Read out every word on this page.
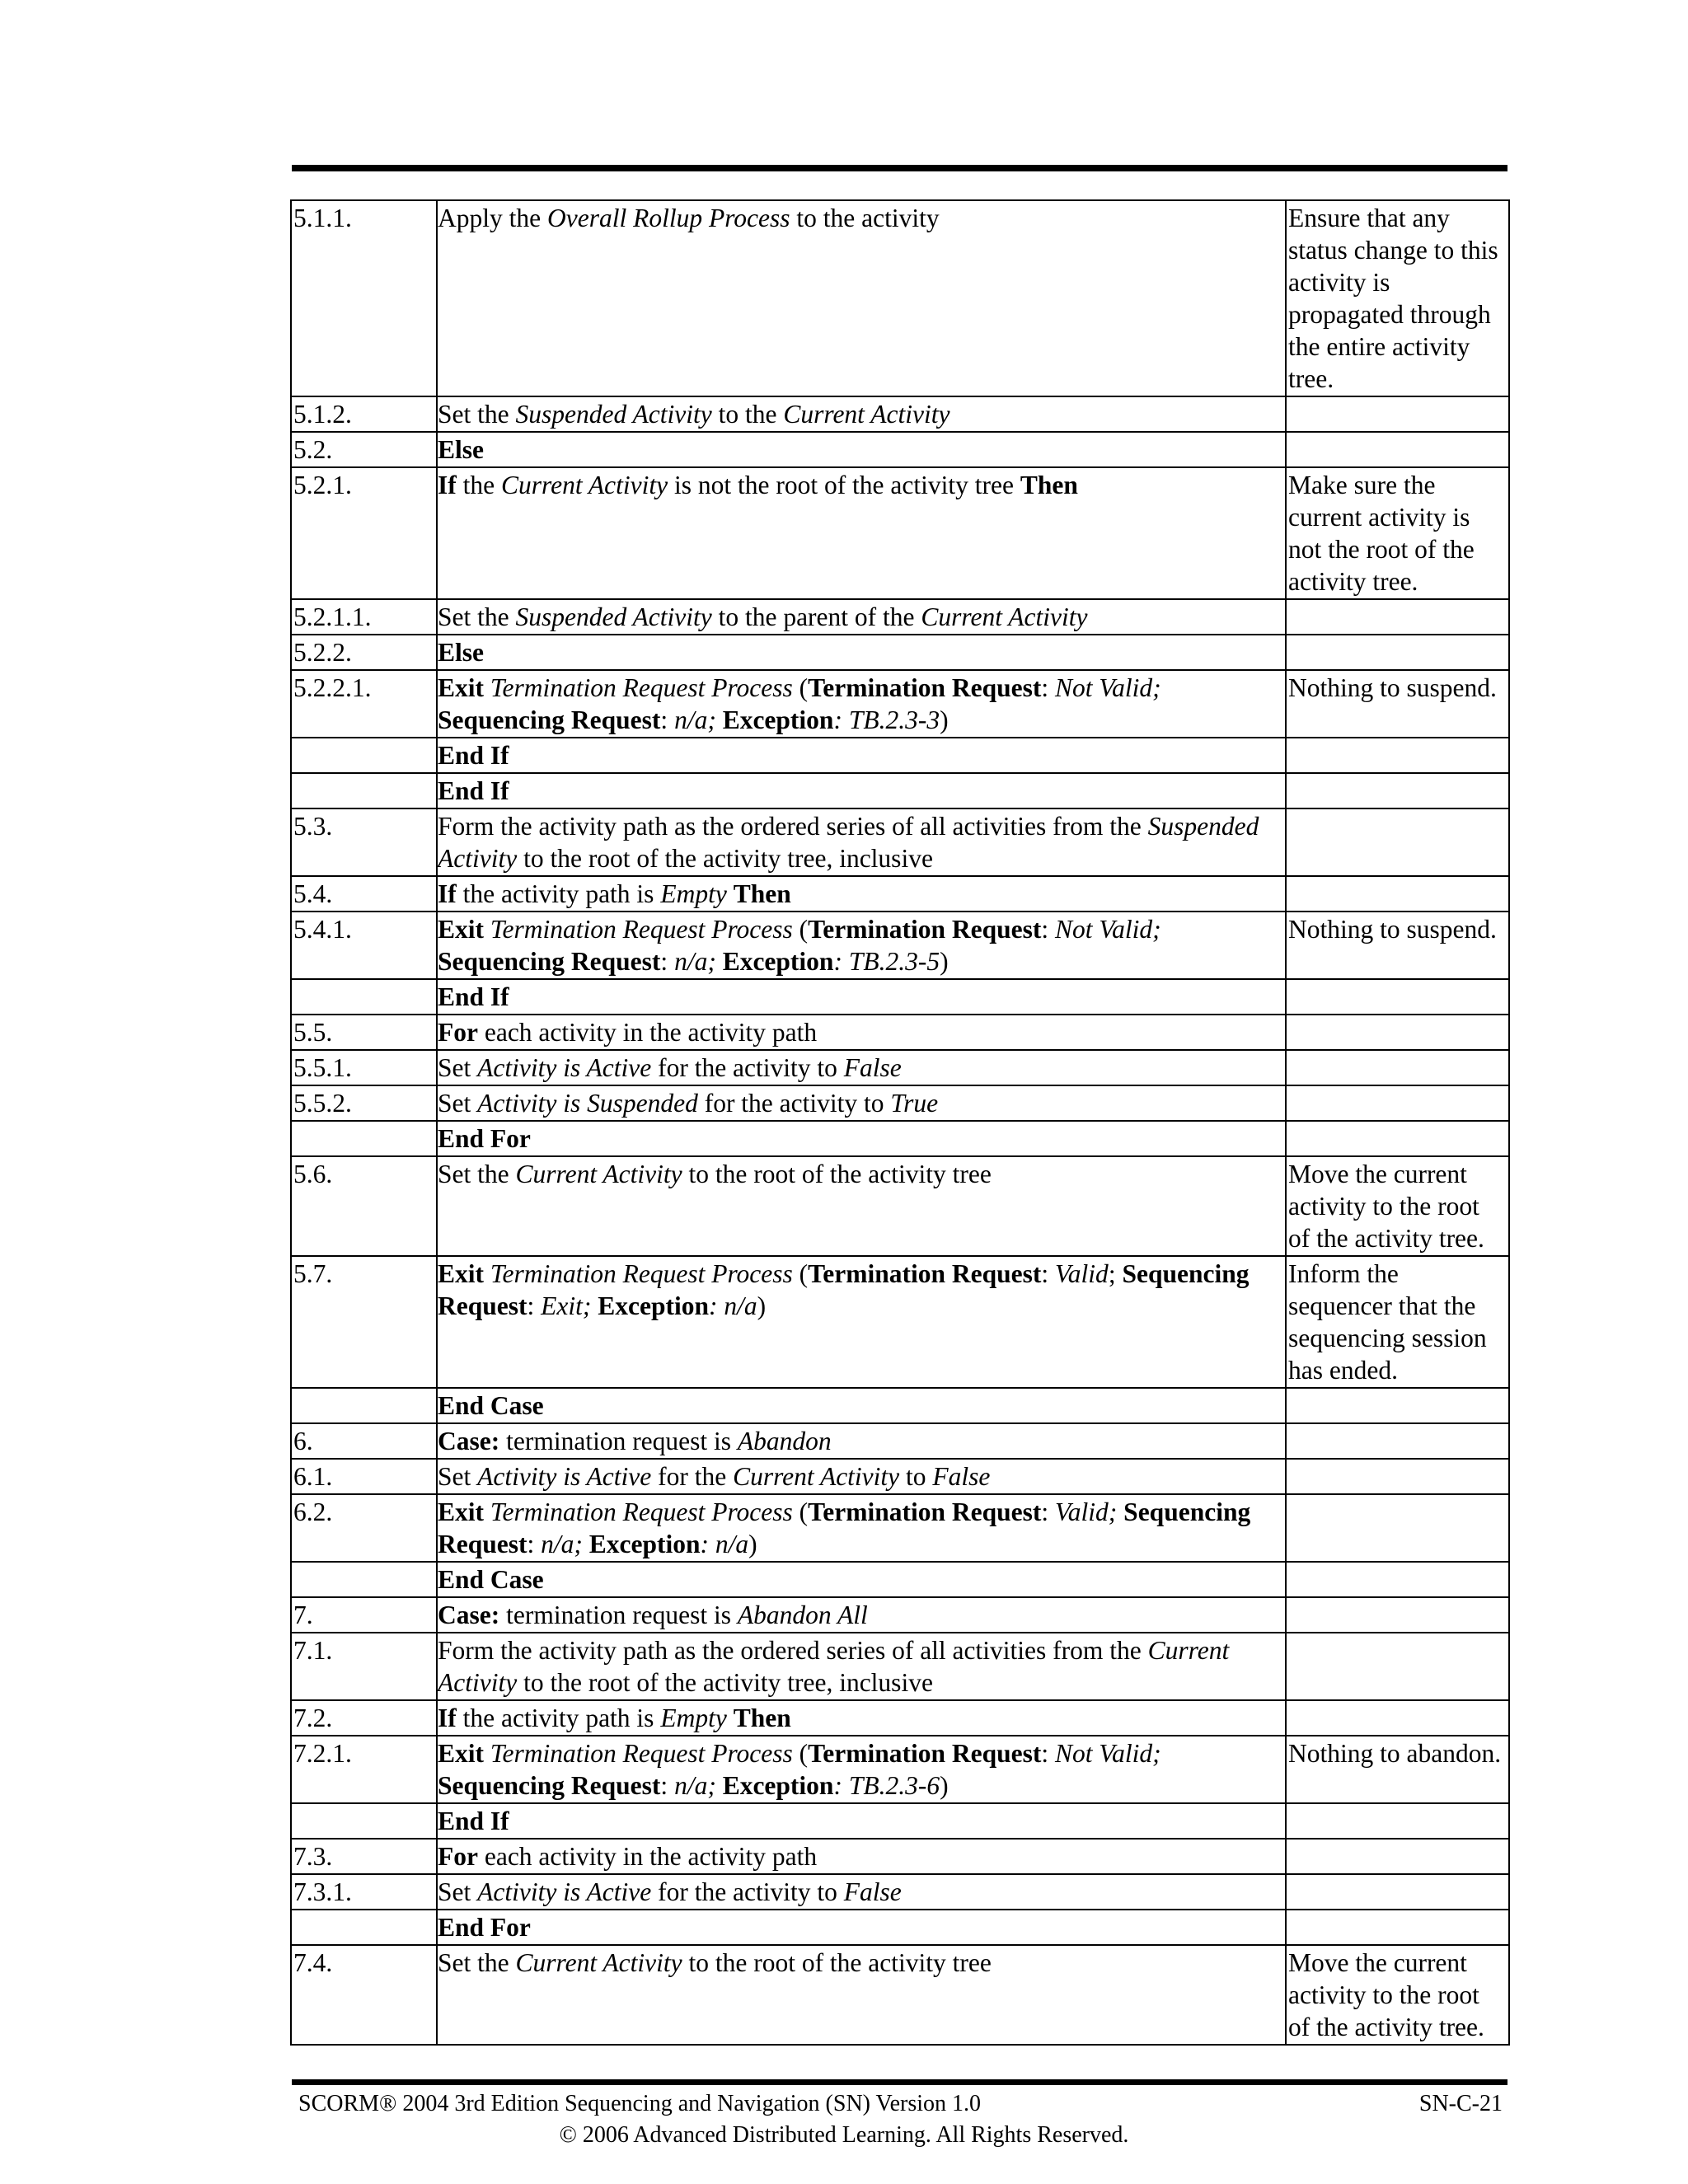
5.1.1.	Apply the Overall Rollup Process to the activity	Ensure that any status change to this activity is propagated through the entire activity tree.
5.1.2.	Set the Suspended Activity to the Current Activity	
5.2.	Else	
5.2.1.	If the Current Activity is not the root of the activity tree Then	Make sure the current activity is not the root of the activity tree.
5.2.1.1.	Set the Suspended Activity to the parent of the Current Activity	
5.2.2.	Else	
5.2.2.1.	Exit Termination Request Process (Termination Request: Not Valid; Sequencing Request: n/a; Exception: TB.2.3-3)	Nothing to suspend.
	End If	
	End If	
5.3.	Form the activity path as the ordered series of all activities from the Suspended Activity to the root of the activity tree, inclusive	
5.4.	If the activity path is Empty Then	
5.4.1.	Exit Termination Request Process (Termination Request: Not Valid; Sequencing Request: n/a; Exception: TB.2.3-5)	Nothing to suspend.
	End If	
5.5.	For each activity in the activity path	
5.5.1.	Set Activity is Active for the activity to False	
5.5.2.	Set Activity is Suspended for the activity to True	
	End For	
5.6.	Set the Current Activity to the root of the activity tree	Move the current activity to the root of the activity tree.
5.7.	Exit Termination Request Process (Termination Request: Valid; Sequencing Request: Exit; Exception: n/a)	Inform the sequencer that the sequencing session has ended.
	End Case	
6.	Case: termination request is Abandon	
6.1.	Set Activity is Active for the Current Activity to False	
6.2.	Exit Termination Request Process (Termination Request: Valid; Sequencing Request: n/a; Exception: n/a)	
	End Case	
7.	Case: termination request is Abandon All	
7.1.	Form the activity path as the ordered series of all activities from the Current Activity to the root of the activity tree, inclusive	
7.2.	If the activity path is Empty Then	
7.2.1.	Exit Termination Request Process (Termination Request: Not Valid; Sequencing Request: n/a; Exception: TB.2.3-6)	Nothing to abandon.
	End If	
7.3.	For each activity in the activity path	
7.3.1.	Set Activity is Active for the activity to False	
	End For	
7.4.	Set the Current Activity to the root of the activity tree	Move the current activity to the root of the activity tree.
SCORM® 2004 3rd Edition Sequencing and Navigation (SN) Version 1.0	SN-C-21
© 2006 Advanced Distributed Learning. All Rights Reserved.
